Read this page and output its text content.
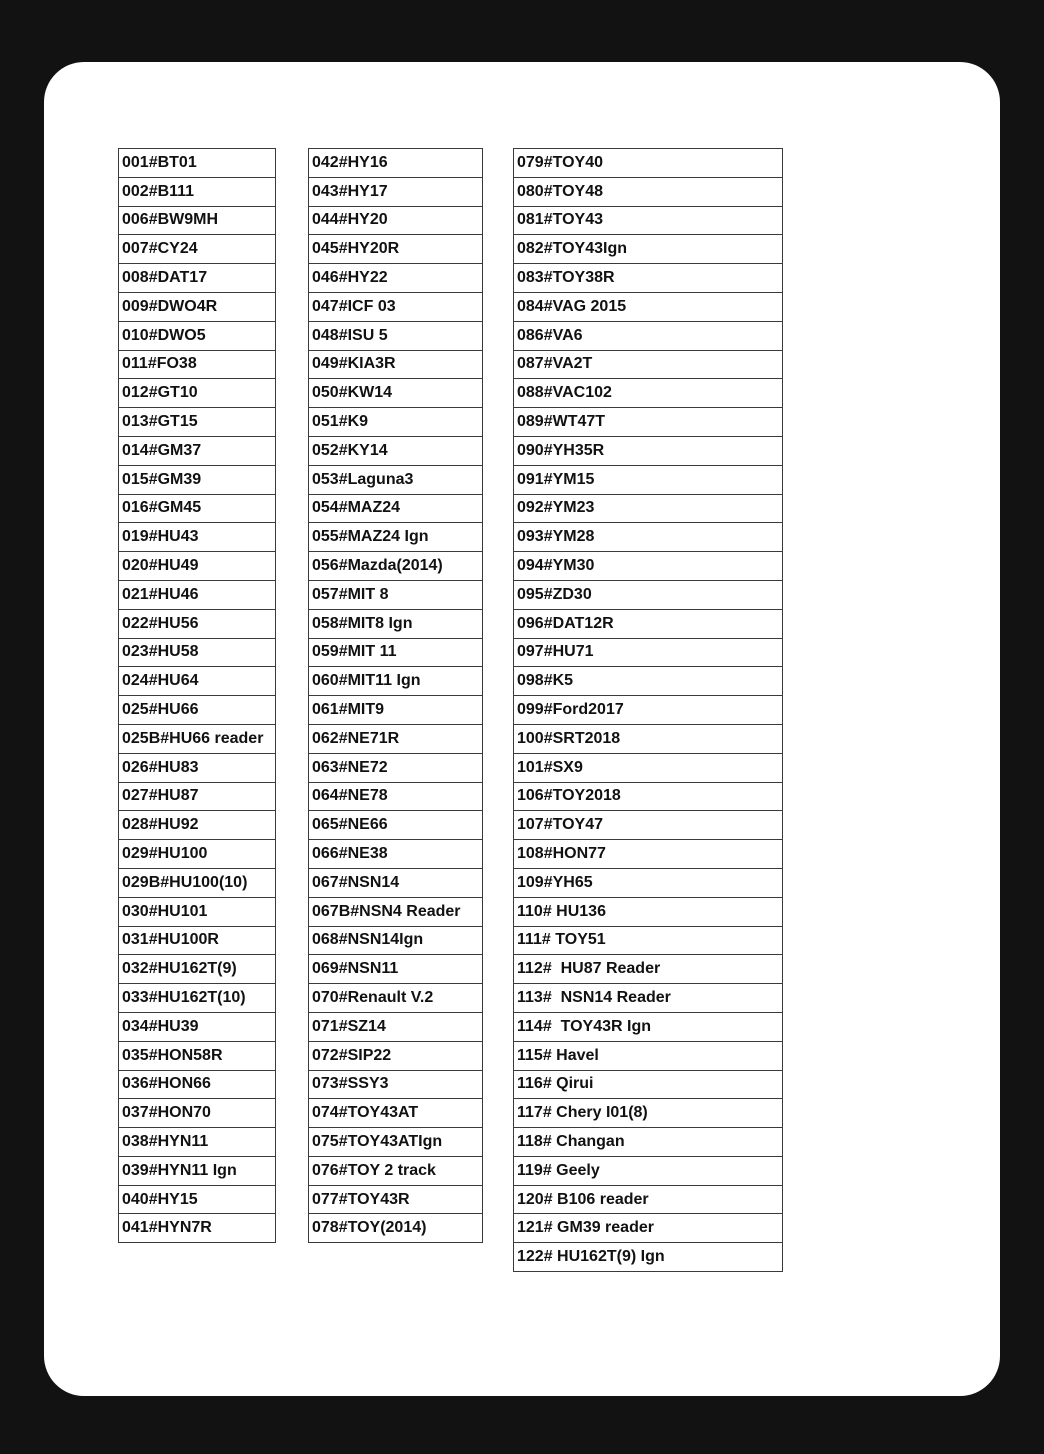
001#BT01
002#B111
006#BW9MH
007#CY24
008#DAT17
009#DWO4R
010#DWO5
011#FO38
012#GT10
013#GT15
014#GM37
015#GM39
016#GM45
019#HU43
020#HU49
021#HU46
022#HU56
023#HU58
024#HU64
025#HU66
025B#HU66 reader
026#HU83
027#HU87
028#HU92
029#HU100
029B#HU100(10)
030#HU101
031#HU100R
032#HU162T(9)
033#HU162T(10)
034#HU39
035#HON58R
036#HON66
037#HON70
038#HYN11
039#HYN11 Ign
040#HY15
041#HYN7R
042#HY16
043#HY17
044#HY20
045#HY20R
046#HY22
047#ICF 03
048#ISU 5
049#KIA3R
050#KW14
051#K9
052#KY14
053#Laguna3
054#MAZ24
055#MAZ24 Ign
056#Mazda(2014)
057#MIT 8
058#MIT8 Ign
059#MIT 11
060#MIT11 Ign
061#MIT9
062#NE71R
063#NE72
064#NE78
065#NE66
066#NE38
067#NSN14
067B#NSN4 Reader
068#NSN14Ign
069#NSN11
070#Renault V.2
071#SZ14
072#SIP22
073#SSY3
074#TOY43AT
075#TOY43ATIgn
076#TOY 2 track
077#TOY43R
078#TOY(2014)
079#TOY40
080#TOY48
081#TOY43
082#TOY43Ign
083#TOY38R
084#VAG 2015
086#VA6
087#VA2T
088#VAC102
089#WT47T
090#YH35R
091#YM15
092#YM23
093#YM28
094#YM30
095#ZD30
096#DAT12R
097#HU71
098#K5
099#Ford2017
100#SRT2018
101#SX9
106#TOY2018
107#TOY47
108#HON77
109#YH65
110# HU136
111# TOY51
112#  HU87 Reader
113#  NSN14 Reader
114#  TOY43R Ign
115# Havel
116# Qirui
117# Chery I01(8)
118# Changan
119# Geely
120# B106 reader
121# GM39 reader
122# HU162T(9) Ign
